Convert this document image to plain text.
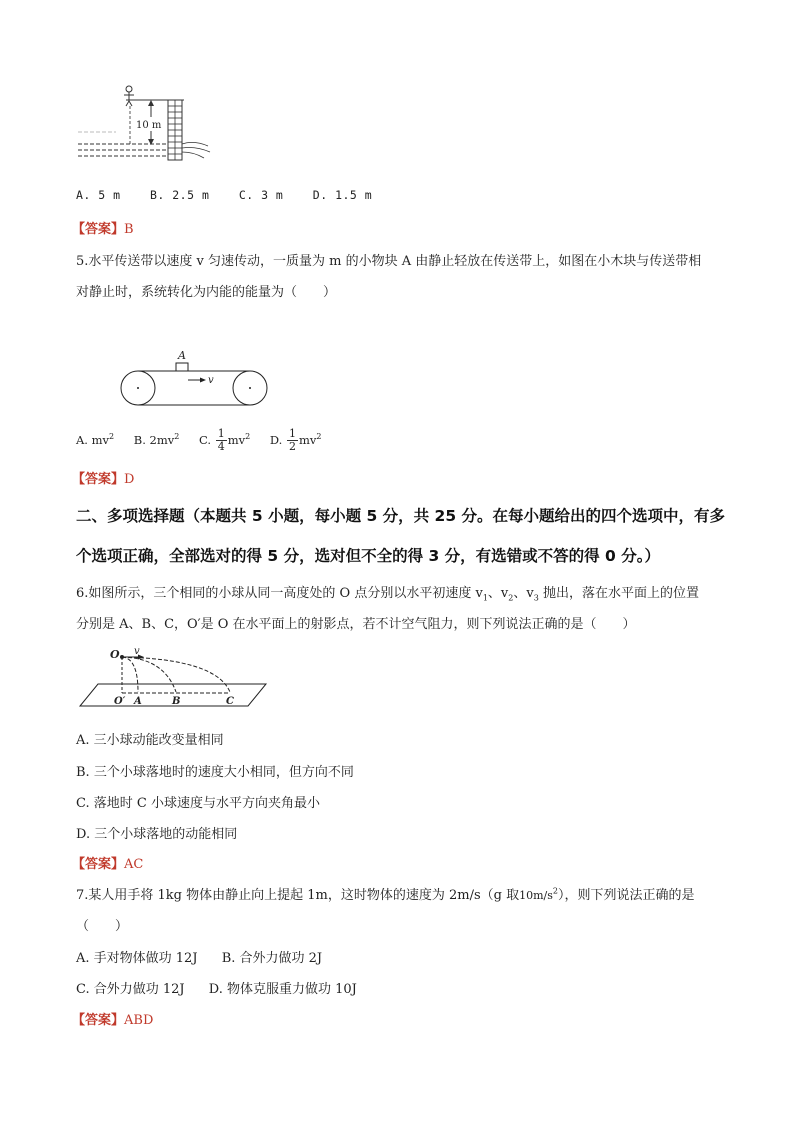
10 m
A. 5 m	B. 2.5 m	C. 3 m	D. 1.5 m
【答案】B
5.水平传送带以速度 v 匀速传动，一质量为 m 的小物块 A 由静止轻放在传送带上，如图在小木块与传送带相
对静止时，系统转化为内能的能量为（　　）
A
v
A. $mv^2$ B. $2mv^2$ C. $\frac{1}{4} mv^2$ D. $\frac{1}{2} mv^2$
【答案】D
二、多项选择题（本题共 5 小题，每小题 5 分，共 25 分。在每小题给出的四个选项中，有多
个选项正确，全部选对的得 5 分，选对但不全的得 3 分，有选错或不答的得 0 分。）
6.如图所示，三个相同的小球从同一高度处的 O 点分别以水平初速度 $v_1$、$v_2$、$v_3$ 抛出，落在水平面上的位置
分别是 A、B、C，O′是 O 在水平面上的射影点，若不计空气阻力，则下列说法正确的是（　　）
O v
O′ A	B	C
A. 三小球动能改变量相同
B. 三个小球落地时的速度大小相同，但方向不同
C. 落地时 C 小球速度与水平方向夹角最小
D. 三个小球落地的动能相同
【答案】AC
7.某人用手将 1kg 物体由静止向上提起 1m，这时物体的速度为 2m/s（g 取$10m/s^2$），则下列说法正确的是
（　　）
A. 手对物体做功 12J B. 合外力做功 2J
C. 合外力做功 12J D. 物体克服重力做功 10J
【答案】ABD
